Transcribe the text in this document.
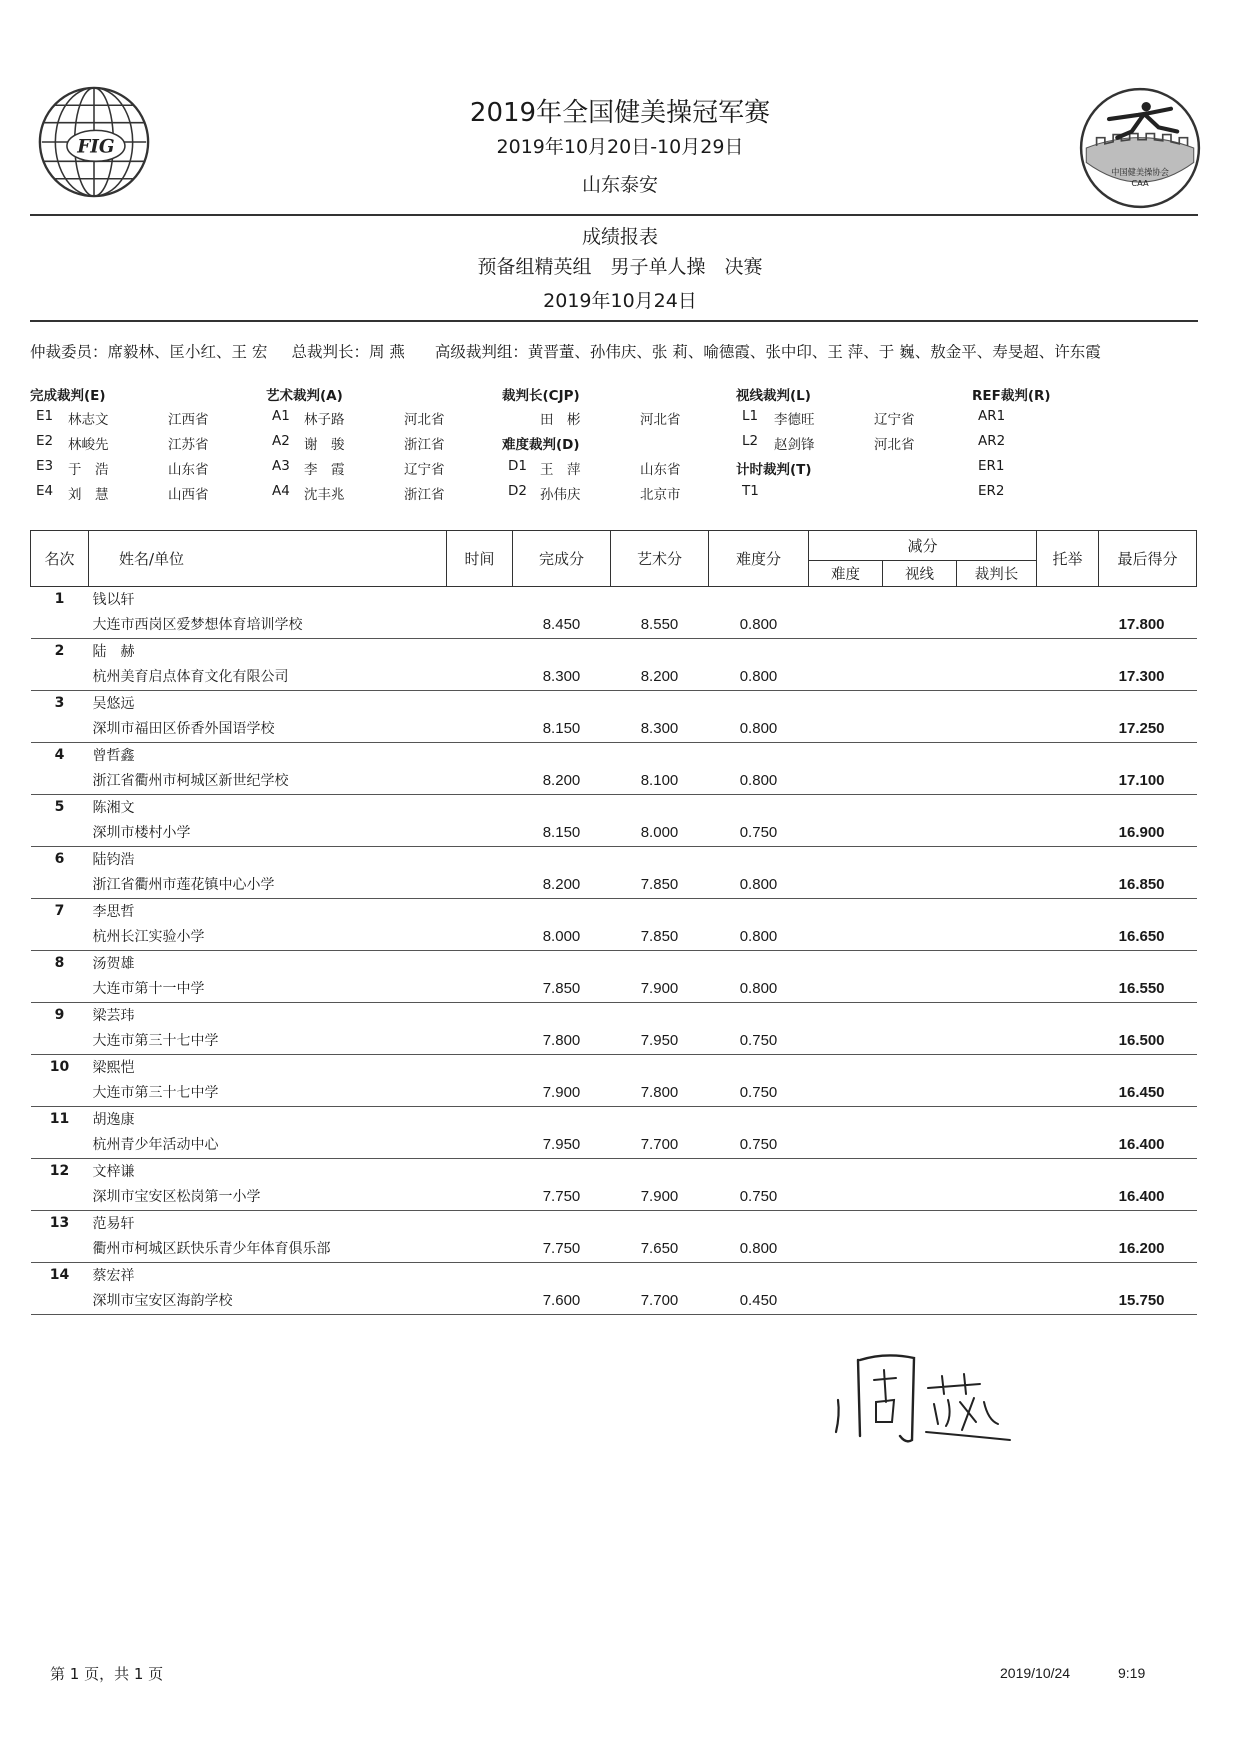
FIG
中国健美操协会
CAA
2019年全国健美操冠军赛
2019年10月20日-10月29日
山东泰安
成绩报表
预备组精英组　男子单人操　决赛
2019年10月24日
仲裁委员：席毅林、匡小红、王 宏 总裁判长：周 燕 高级裁判组：黄晋蕫、孙伟庆、张 莉、喻德霞、张中印、王 萍、于 巍、敖金平、寿旻超、许东霞
完成裁判(E)
E1 林志文	江西省
E2 林峻先	江苏省
E3 于　浩	山东省
E4 刘　慧	山西省
艺术裁判(A)
A1 林子路	河北省
A2 谢　骏	浙江省
A3 李　霞	辽宁省
A4 沈丰兆	浙江省
裁判长(CJP)
田　彬	河北省
难度裁判(D)
D1 王　萍	山东省
D2 孙伟庆	北京市
视线裁判(L)
L1 李德旺	辽宁省
L2 赵剑锋	河北省
计时裁判(T)
T1
REF裁判(R)
AR1
AR2
ER1
ER2
名次	姓名/单位	时间	完成分	艺术分	难度分	减分			托举	最后得分
						难度	视线	裁判长		
1	钱以轩									
	大连市西岗区爱梦想体育培训学校		8.450	8.550	0.800					17.800
2	陆　赫									
	杭州美育启点体育文化有限公司		8.300	8.200	0.800					17.300
3	吴悠远									
	深圳市福田区侨香外国语学校		8.150	8.300	0.800					17.250
4	曾哲鑫									
	浙江省衢州市柯城区新世纪学校		8.200	8.100	0.800					17.100
5	陈湘文									
	深圳市楼村小学		8.150	8.000	0.750					16.900
6	陆钧浩									
	浙江省衢州市莲花镇中心小学		8.200	7.850	0.800					16.850
7	李思哲									
	杭州长江实验小学		8.000	7.850	0.800					16.650
8	汤贺雄									
	大连市第十一中学		7.850	7.900	0.800					16.550
9	梁芸玮									
	大连市第三十七中学		7.800	7.950	0.750					16.500
10	梁熙恺									
	大连市第三十七中学		7.900	7.800	0.750					16.450
11	胡逸康									
	杭州青少年活动中心		7.950	7.700	0.750					16.400
12	文梓谦									
	深圳市宝安区松岗第一小学		7.750	7.900	0.750					16.400
13	范易轩									
	衢州市柯城区跃快乐青少年体育俱乐部		7.750	7.650	0.800					16.200
14	蔡宏祥									
	深圳市宝安区海韵学校		7.600	7.700	0.450					15.750
第 1 页，共 1 页	2019/10/24	9:19
